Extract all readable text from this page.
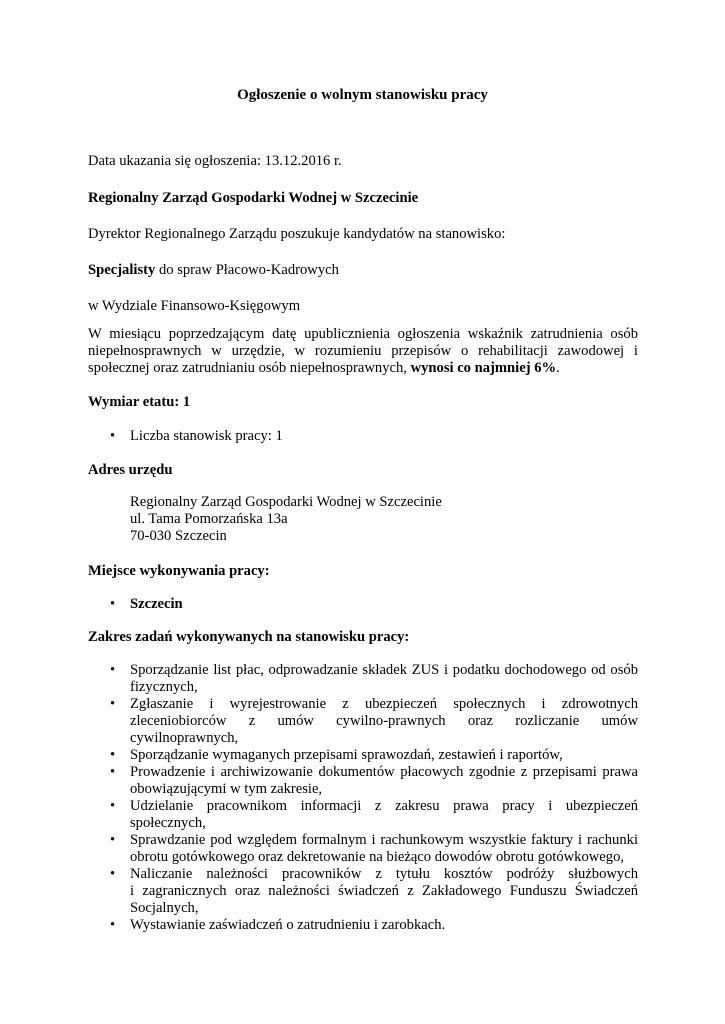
Ogłoszenie o wolnym stanowisku pracy

Data ukazania się ogłoszenia: 13.12.2016 r.

Regionalny Zarząd Gospodarki Wodnej w Szczecinie

Dyrektor Regionalnego Zarządu poszukuje kandydatów na stanowisko:

Specjalisty do spraw Płacowo-Kadrowych

w Wydziale Finansowo-Księgowym

W miesiącu poprzedzającym datę upublicznienia ogłoszenia wskaźnik zatrudnienia osób
niepełnosprawnych w urzędzie, w rozumieniu przepisów o rehabilitacji zawodowej i
społecznej oraz zatrudnianiu osób niepełnosprawnych, wynosi co najmniej 6%.

Wymiar etatu: 1

• Liczba stanowisk pracy: 1

Adres urzędu

Regionalny Zarząd Gospodarki Wodnej w Szczecinie
ul. Tama Pomorzańska 13a
70-030 Szczecin

Miejsce wykonywania pracy:

• Szczecin

Zakres zadań wykonywanych na stanowisku pracy:

• Sporządzanie list płac, odprowadzanie składek ZUS i podatku dochodowego od osób
fizycznych,
• Zgłaszanie i wyrejestrowanie z ubezpieczeń społecznych i zdrowotnych
zleceniobiorców z umów cywilno-prawnych oraz rozliczanie umów
cywilnoprawnych,
• Sporządzanie wymaganych przepisami sprawozdań, zestawień i raportów,
• Prowadzenie i archiwizowanie dokumentów płacowych zgodnie z przepisami prawa
obowiązującymi w tym zakresie,
• Udzielanie pracownikom informacji z zakresu prawa pracy i ubezpieczeń
społecznych,
• Sprawdzanie pod względem formalnym i rachunkowym wszystkie faktury i rachunki
obrotu gotówkowego oraz dekretowanie na bieżąco dowodów obrotu gotówkowego,
• Naliczanie należności pracowników z tytułu kosztów podróży służbowych
i zagranicznych oraz należności świadczeń z Zakładowego Funduszu Świadczeń
Socjalnych,
• Wystawianie zaświadczeń o zatrudnieniu i zarobkach.
